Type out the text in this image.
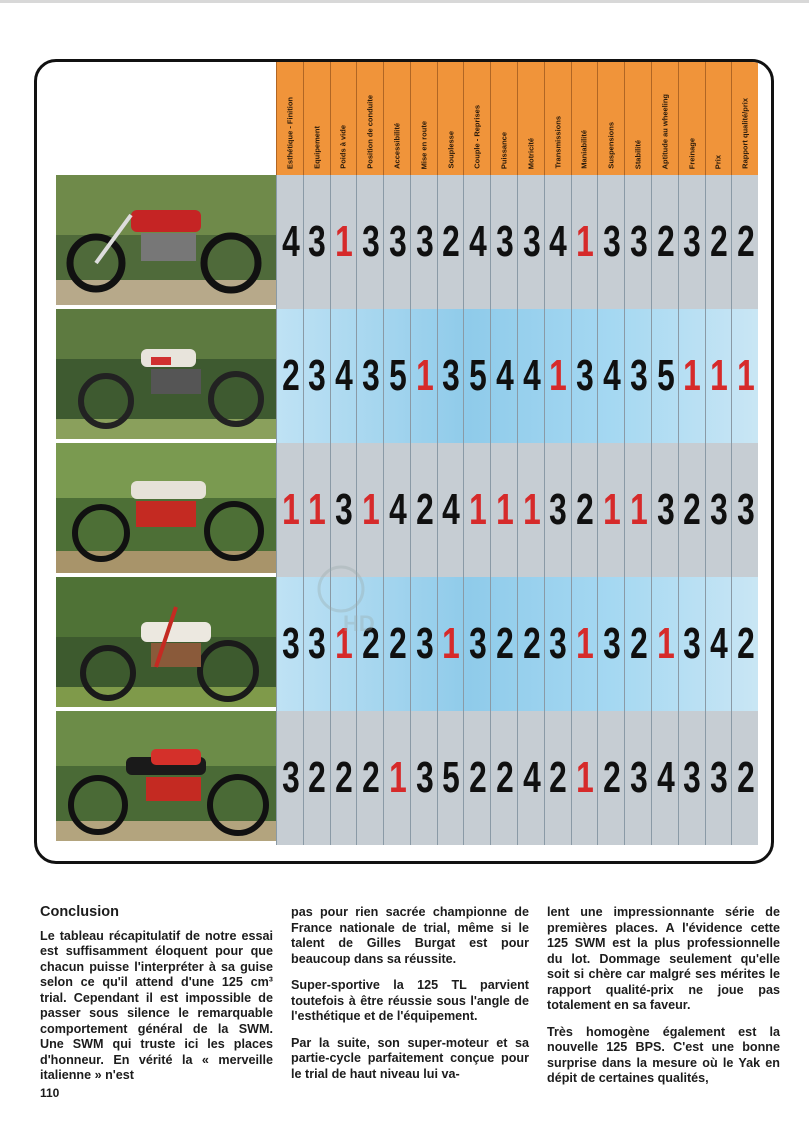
Esthétique - Finition Equipement Poids à vide Position de conduite Accessibilité Mise en route Souplesse Couple - Reprises Puissance Motricité Transmissions Maniabilité Suspensions Stabilité Aptitude au wheeling Freinage Prix Rapport qualité/prix
4 3 1 3 3 3 2 4 3 3 4 1 3 3 2 3 2 2
2 3 4 3 5 1 3 5 4 4 1 3 4 3 5 1 1 1
1 1 3 1 4 2 4 1 1 1 3 2 1 1 3 2 3 3
3 3 1 2 2 3 1 3 2 2 3 1 3 2 1 3 4 2
3 2 2 2 1 3 5 2 2 4 2 1 2 3 4 3 3 2
HD
Conclusion

Le tableau récapitulatif de notre essai est suffisamment éloquent pour que chacun puisse l'interpréter à sa guise selon ce qu'il attend d'une 125 cm³ trial. Cependant il est impossible de passer sous silence le remarquable comportement général de la SWM. Une SWM qui truste ici les places d'honneur. En vérité la « merveille italienne » n'est

pas pour rien sacrée championne de France nationale de trial, même si le talent de Gilles Burgat est pour beaucoup dans sa réussite.

Super-sportive la 125 TL parvient toutefois à être réussie sous l'angle de l'esthétique et de l'équipement.

Par la suite, son super-moteur et sa partie-cycle parfaitement conçue pour le trial de haut niveau lui va-

lent une impressionnante série de premières places. A l'évidence cette 125 SWM est la plus professionnelle du lot. Dommage seulement qu'elle soit si chère car malgré ses mérites le rapport qualité-prix ne joue pas totalement en sa faveur.

Très homogène également est la nouvelle 125 BPS. C'est une bonne surprise dans la mesure où le Yak en dépit de certaines qualités,

110
